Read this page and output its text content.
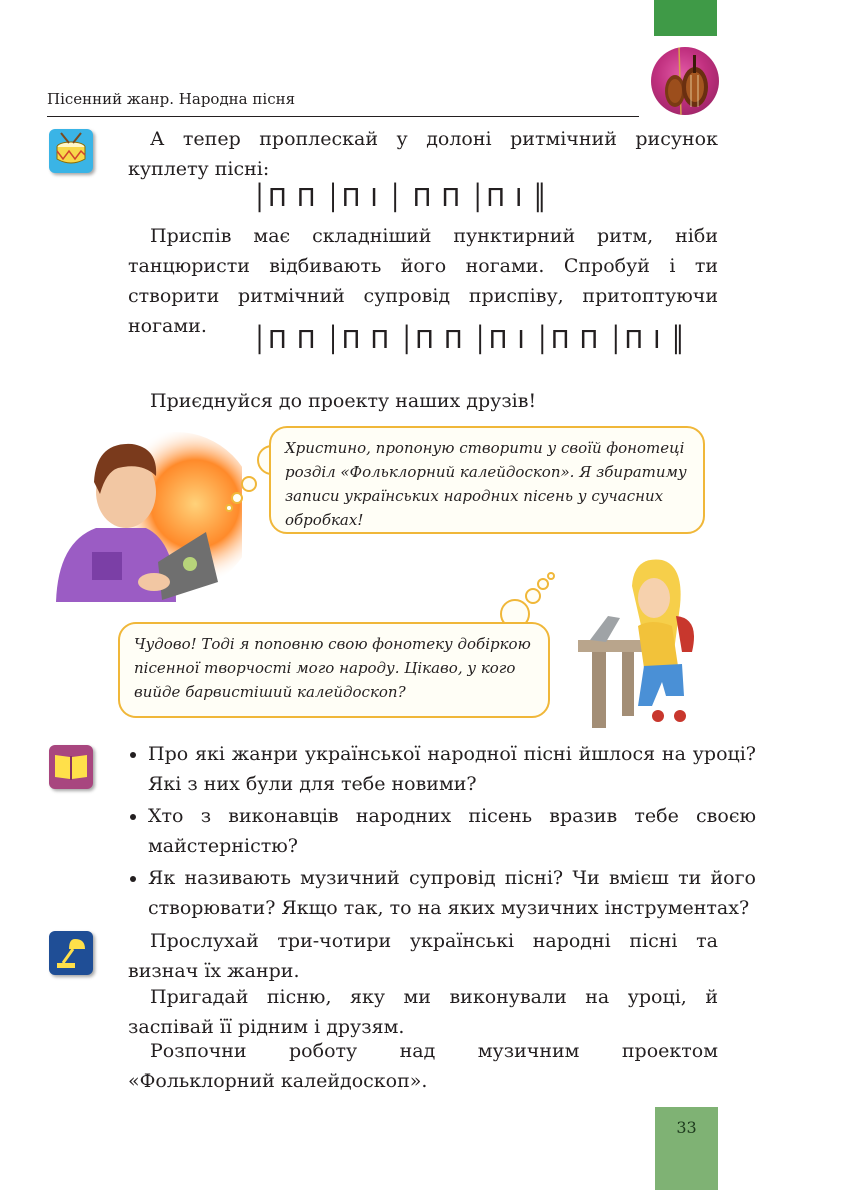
Пісенний жанр. Народна пісня
А тепер проплескай у долоні ритмічний рисунок куплету пісні:
│П П │П І │ П П │П І ║
Приспів має складніший пунктирний ритм, ніби танцюристи відбивають його ногами. Спробуй і ти створити ритмічний супровід приспіву, притоптуючи ногами.	│П П │П П │П П │П І │П П │П І ║
Приєднуйся до проекту наших друзів!
Христино, пропоную створити у своїй фонотеці розділ «Фольклорний калейдоскоп». Я збиратиму записи українських народних пісень у сучасних обробках!
Чудово! Тоді я поповню свою фонотеку добіркою пісенної творчості мого народу. Цікаво, у кого вийде барвистіший калейдоскоп?
• Про які жанри української народної пісні йшлося на уроці? Які з них були для тебе новими?
• Хто з виконавців народних пісень вразив тебе своєю майстерністю?
• Як називають музичний супровід пісні? Чи вмієш ти його створювати? Якщо так, то на яких музичних інструментах?
Прослухай три-чотири українські народні пісні та визнач їх жанри.
Пригадай пісню, яку ми виконували на уроці, й заспівай її рідним і друзям.
Розпочни роботу над музичним проектом «Фольклорний калейдоскоп».
33
